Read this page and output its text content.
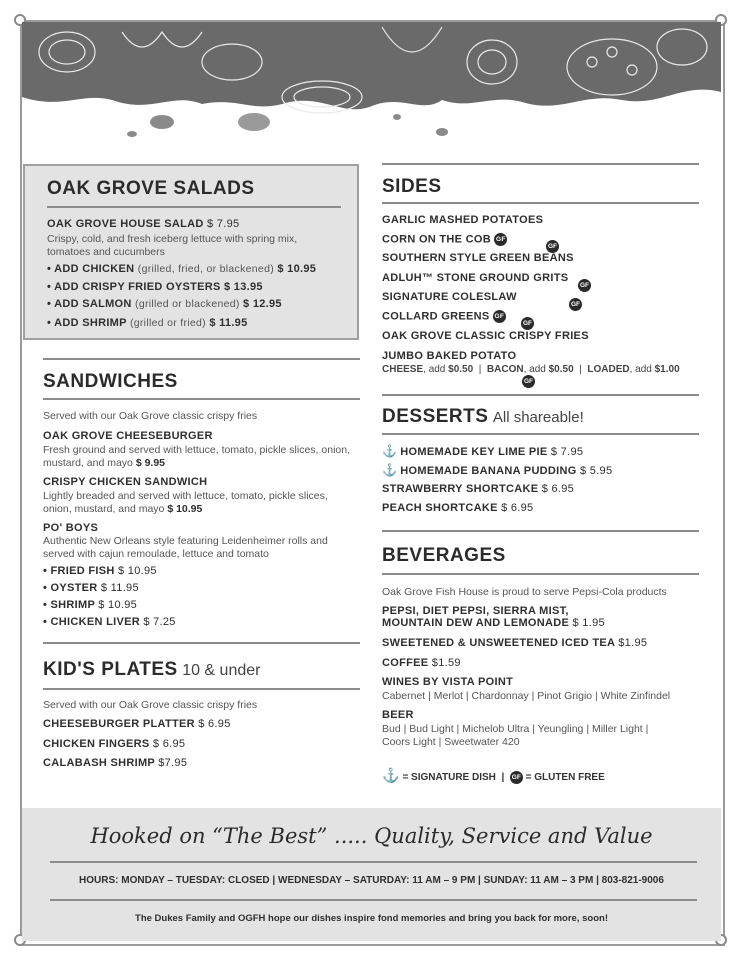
OAK GROVE SALADS
OAK GROVE HOUSE SALAD $ 7.95
Crispy, cold, and fresh iceberg lettuce with spring mix, tomatoes and cucumbers
• ADD CHICKEN (grilled, fried, or blackened) $ 10.95
• ADD CRISPY FRIED OYSTERS $ 13.95
• ADD SALMON (grilled or blackened) $ 12.95
• ADD SHRIMP (grilled or fried) $ 11.95
SANDWICHES
Served with our Oak Grove classic crispy fries
OAK GROVE CHEESEBURGER
Fresh ground and served with lettuce, tomato, pickle slices, onion, mustard, and mayo $ 9.95
CRISPY CHICKEN SANDWICH
Lightly breaded and served with lettuce, tomato, pickle slices, onion, mustard, and mayo $ 10.95
PO' BOYS
Authentic New Orleans style featuring Leidenheimer rolls and served with cajun remoulade, lettuce and tomato
• FRIED FISH $ 10.95
• OYSTER $ 11.95
• SHRIMP $ 10.95
• CHICKEN LIVER $ 7.25
KID'S PLATES 10 & under
Served with our Oak Grove classic crispy fries
CHEESEBURGER PLATTER $ 6.95
CHICKEN FINGERS $ 6.95
CALABASH SHRIMP $7.95
SIDES
GARLIC MASHED POTATOES
CORN ON THE COB GF
GF
SOUTHERN STYLE GREEN BEANS
GF
ADLUH™ STONE GROUND GRITS
SIGNATURE COLESLAW
GF
COLLARD GREENS GF
GF
OAK GROVE CLASSIC CRISPY FRIES
JUMBO BAKED POTATO
CHEESE, add $0.50  |  BACON, add $0.50  |  LOADED, add $1.00
GF
DESSERTS All shareable!
⚓ HOMEMADE KEY LIME PIE $ 7.95
⚓ HOMEMADE BANANA PUDDING $ 5.95
STRAWBERRY SHORTCAKE $ 6.95
PEACH SHORTCAKE $ 6.95
BEVERAGES
Oak Grove Fish House is proud to serve Pepsi-Cola products
PEPSI, DIET PEPSI, SIERRA MIST,
MOUNTAIN DEW AND LEMONADE $ 1.95
SWEETENED & UNSWEETENED ICED TEA $1.95
COFFEE $1.59
WINES BY VISTA POINT
Cabernet | Merlot | Chardonnay | Pinot Grigio | White Zinfindel
BEER
Bud | Bud Light | Michelob Ultra | Yeungling | Miller Light |
Coors Light | Sweetwater 420
⚓ = SIGNATURE DISH | GF = GLUTEN FREE
Hooked on “The Best” ..... Quality, Service and Value
HOURS: MONDAY – TUESDAY: CLOSED | WEDNESDAY – SATURDAY: 11 AM – 9 PM | SUNDAY: 11 AM – 3 PM | 803-821-9006
The Dukes Family and OGFH hope our dishes inspire fond memories and bring you back for more, soon!
